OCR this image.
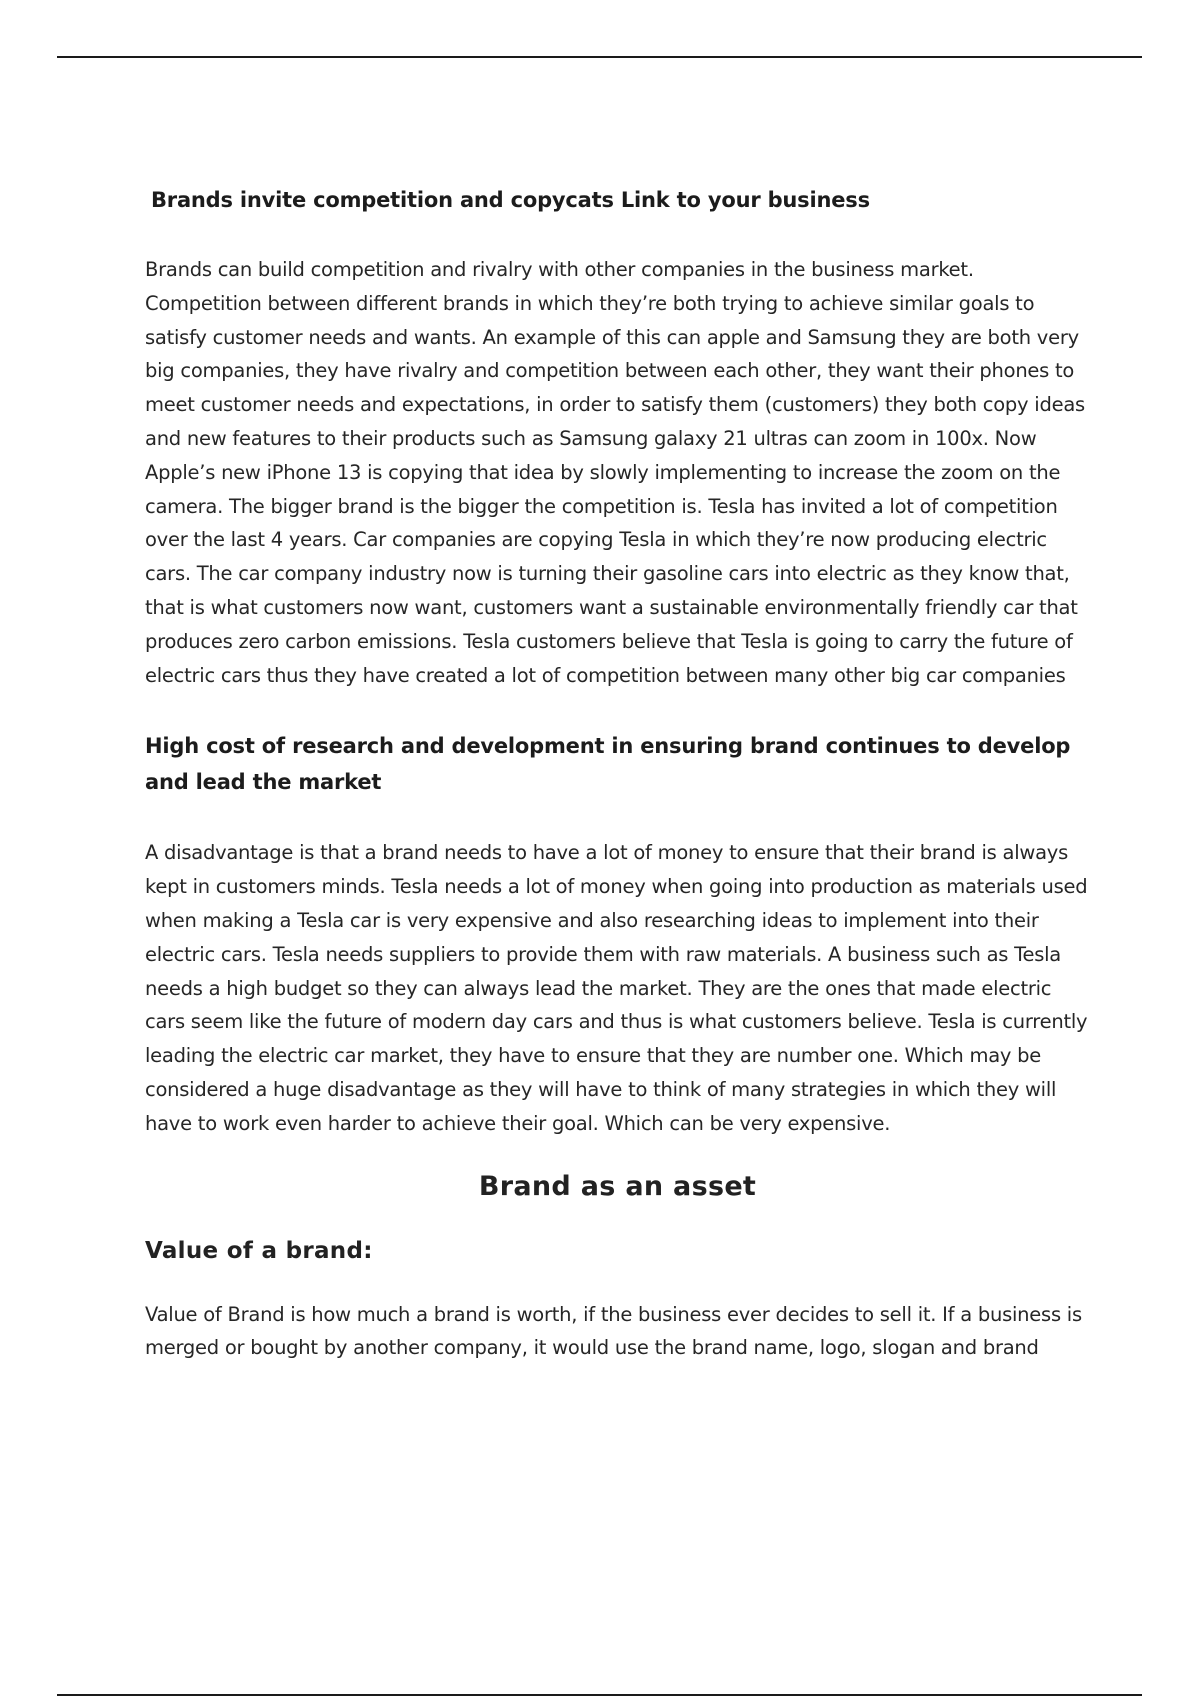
Brands invite competition and copycats Link to your business

Brands can build competition and rivalry with other companies in the business market. Competition between different brands in which they’re both trying to achieve similar goals to satisfy customer needs and wants. An example of this can apple and Samsung they are both very big companies, they have rivalry and competition between each other, they want their phones to meet customer needs and expectations, in order to satisfy them (customers) they both copy ideas and new features to their products such as Samsung galaxy 21 ultras can zoom in 100x. Now Apple’s new iPhone 13 is copying that idea by slowly implementing to increase the zoom on the camera. The bigger brand is the bigger the competition is. Tesla has invited a lot of competition over the last 4 years. Car companies are copying Tesla in which they’re now producing electric cars. The car company industry now is turning their gasoline cars into electric as they know that, that is what customers now want, customers want a sustainable environmentally friendly car that produces zero carbon emissions. Tesla customers believe that Tesla is going to carry the future of electric cars thus they have created a lot of competition between many other big car companies

High cost of research and development in ensuring brand continues to develop and lead the market

A disadvantage is that a brand needs to have a lot of money to ensure that their brand is always kept in customers minds. Tesla needs a lot of money when going into production as materials used when making a Tesla car is very expensive and also researching ideas to implement into their electric cars. Tesla needs suppliers to provide them with raw materials. A business such as Tesla needs a high budget so they can always lead the market. They are the ones that made electric cars seem like the future of modern day cars and thus is what customers believe. Tesla is currently leading the electric car market, they have to ensure that they are number one. Which may be considered a huge disadvantage as they will have to think of many strategies in which they will have to work even harder to achieve their goal. Which can be very expensive.

Brand as an asset
Value of a brand:

Value of Brand is how much a brand is worth, if the business ever decides to sell it. If a business is merged or bought by another company, it would use the brand name, logo, slogan and brand
